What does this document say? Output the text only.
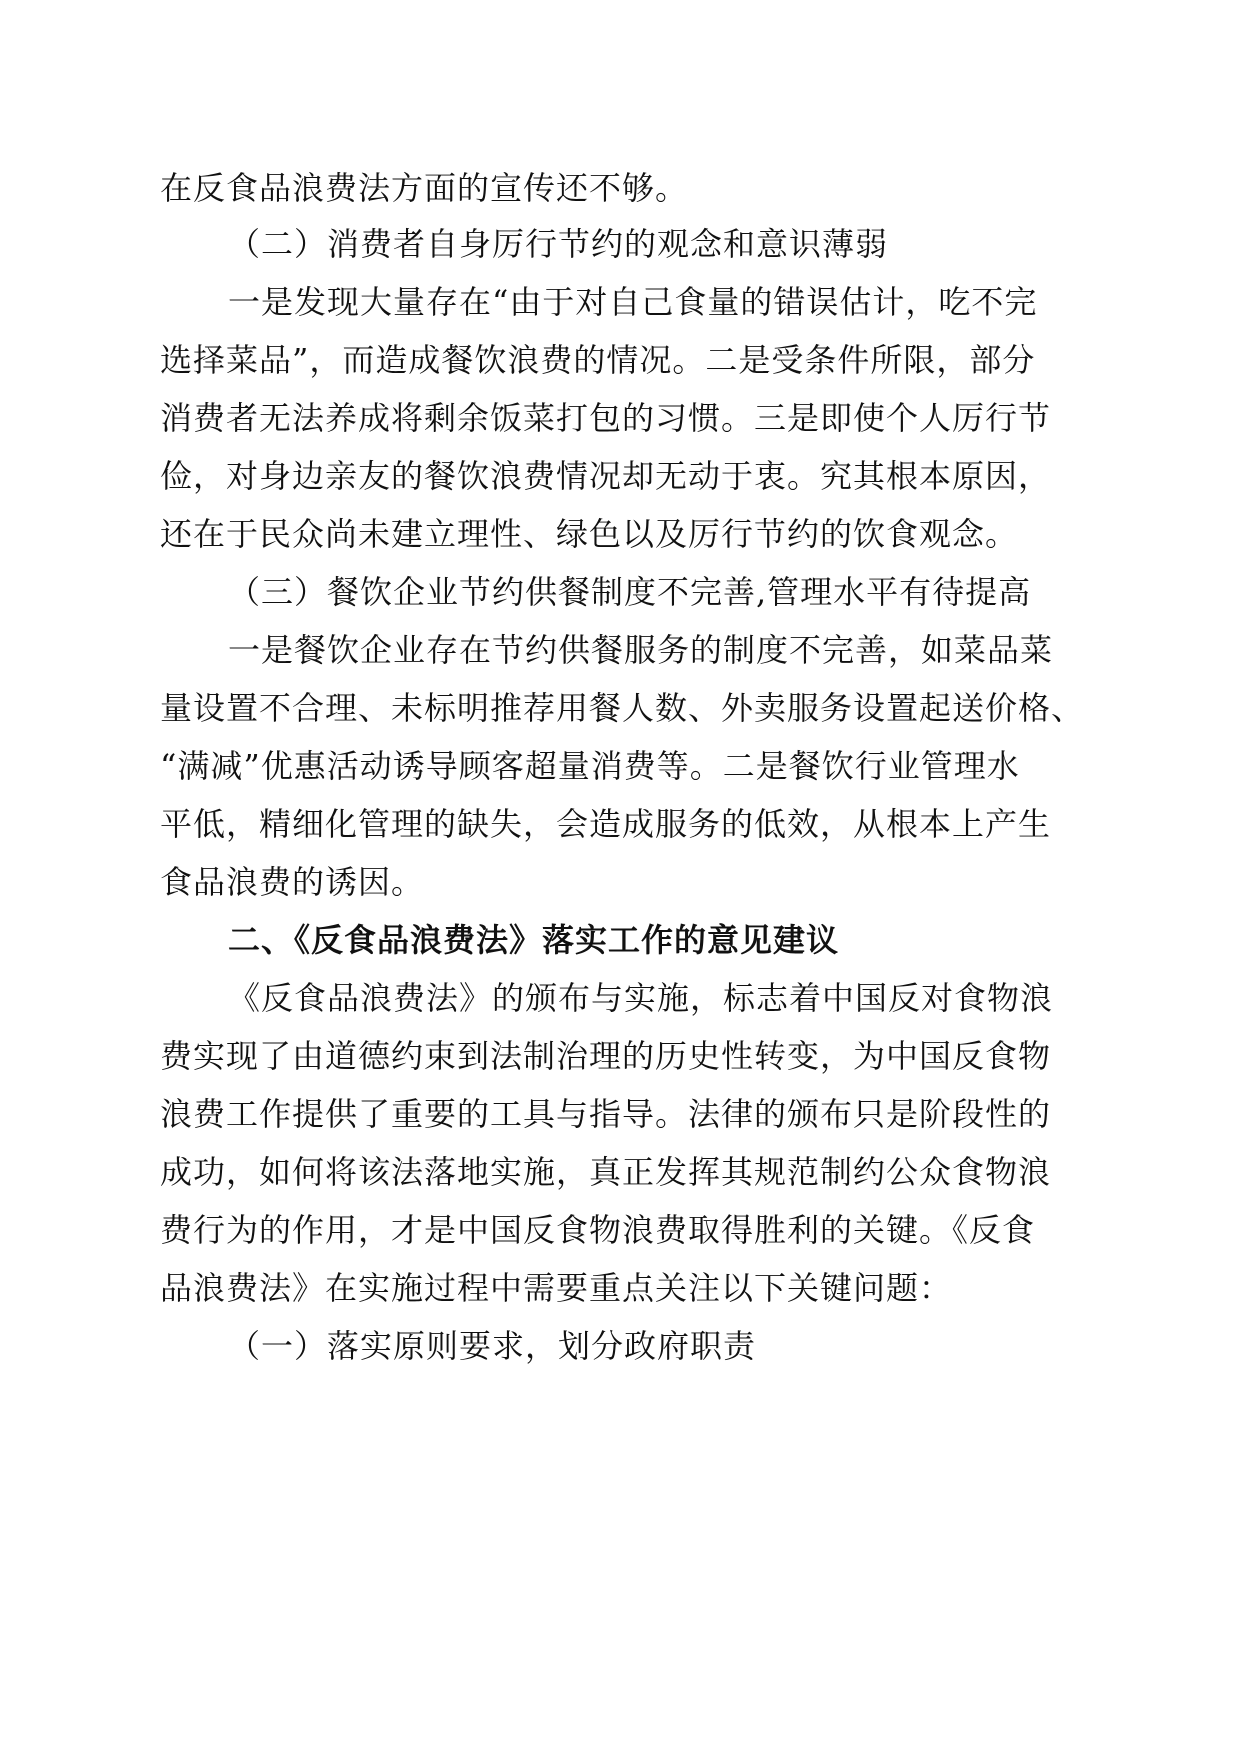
在反食品浪费法方面的宣传还不够。
（二）消费者自身厉行节约的观念和意识薄弱
一是发现大量存在“由于对自己食量的错误估计，吃不完
选择菜品”，而造成餐饮浪费的情况。二是受条件所限，部分
消费者无法养成将剩余饭菜打包的习惯。三是即使个人厉行节
俭，对身边亲友的餐饮浪费情况却无动于衷。究其根本原因，
还在于民众尚未建立理性、绿色以及厉行节约的饮食观念。
（三）餐饮企业节约供餐制度不完善,管理水平有待提高
一是餐饮企业存在节约供餐服务的制度不完善，如菜品菜
量设置不合理、未标明推荐用餐人数、外卖服务设置起送价格、
“满减”优惠活动诱导顾客超量消费等。二是餐饮行业管理水
平低，精细化管理的缺失，会造成服务的低效，从根本上产生
食品浪费的诱因。
二、《反食品浪费法》落实工作的意见建议
《反食品浪费法》的颁布与实施，标志着中国反对食物浪
费实现了由道德约束到法制治理的历史性转变，为中国反食物
浪费工作提供了重要的工具与指导。法律的颁布只是阶段性的
成功，如何将该法落地实施，真正发挥其规范制约公众食物浪
费行为的作用，才是中国反食物浪费取得胜利的关键。《反食
品浪费法》在实施过程中需要重点关注以下关键问题：
（一）落实原则要求，划分政府职责
